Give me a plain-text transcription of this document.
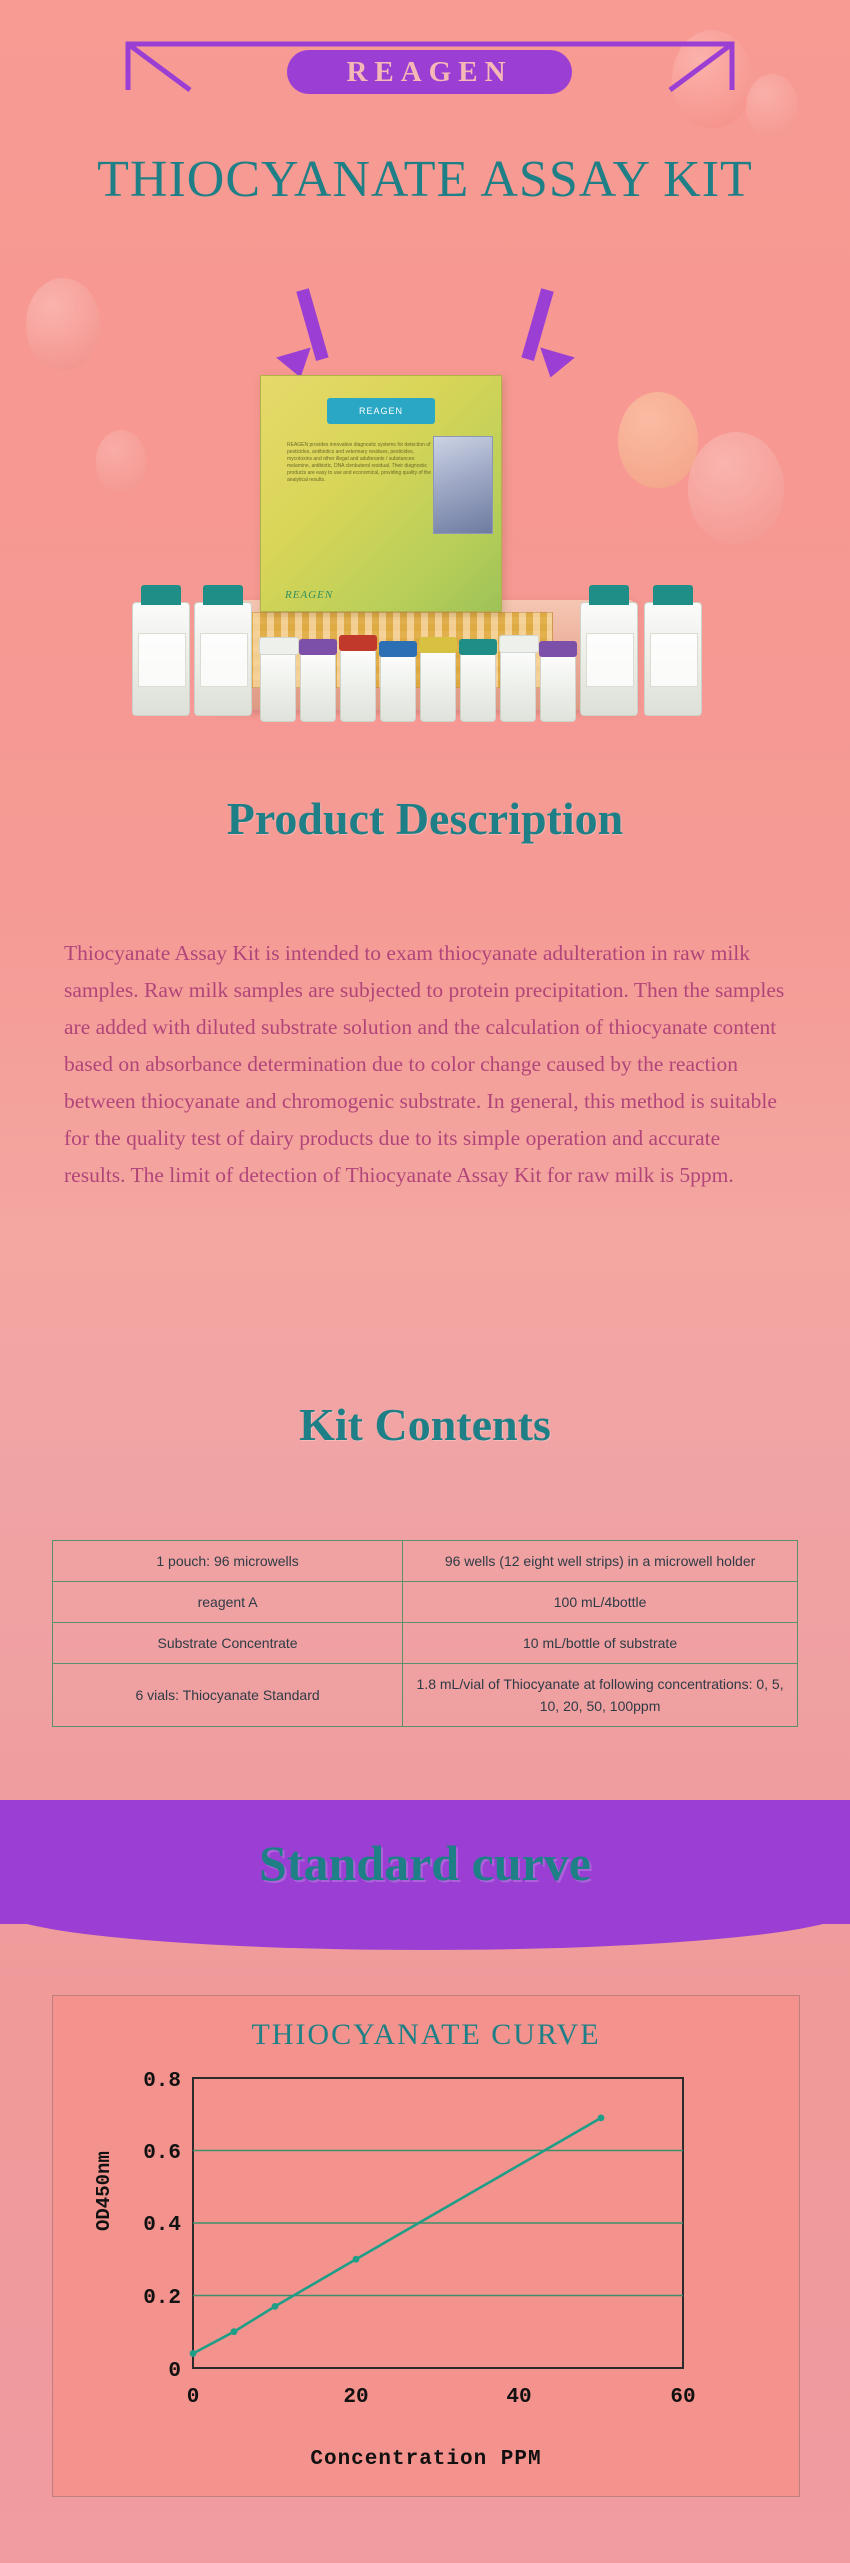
REAGEN
THIOCYANATE ASSAY KIT
REAGEN
REAGEN provides innovative diagnostic systems for detection of pesticides, antibiotics and veterinary residues, pesticides, mycotoxins and other illegal and adulterants / substances: melamine, antibiotic, DNA clenbuterol residual. Their diagnostic products are easy to use and economical, providing quality of the analytical results.
REAGEN
Product Description
Thiocyanate Assay Kit is intended to exam thiocyanate adulteration in raw milk samples. Raw milk samples are subjected to protein precipitation. Then the samples are added with diluted substrate solution and the calculation of thiocyanate content based on absorbance determination due to color change caused by the reaction between thiocyanate and chromogenic substrate. In general, this method is suitable for the quality test of dairy products due to its simple operation and accurate results. The limit of detection of Thiocyanate Assay Kit for raw milk is 5ppm.
Kit Contents
1 pouch: 96 microwells	96 wells (12 eight well strips) in a microwell holder
reagent A	100 mL/4bottle
Substrate Concentrate	10 mL/bottle of substrate
6 vials: Thiocyanate Standard	1.8 mL/vial of Thiocyanate at following concentrations: 0, 5, 10, 20, 50, 100ppm
Standard curve
THIOCYANATE CURVE
OD450nm
Concentration PPM
0
0.2
0.4
0.6
0.8
0	20	40	60
